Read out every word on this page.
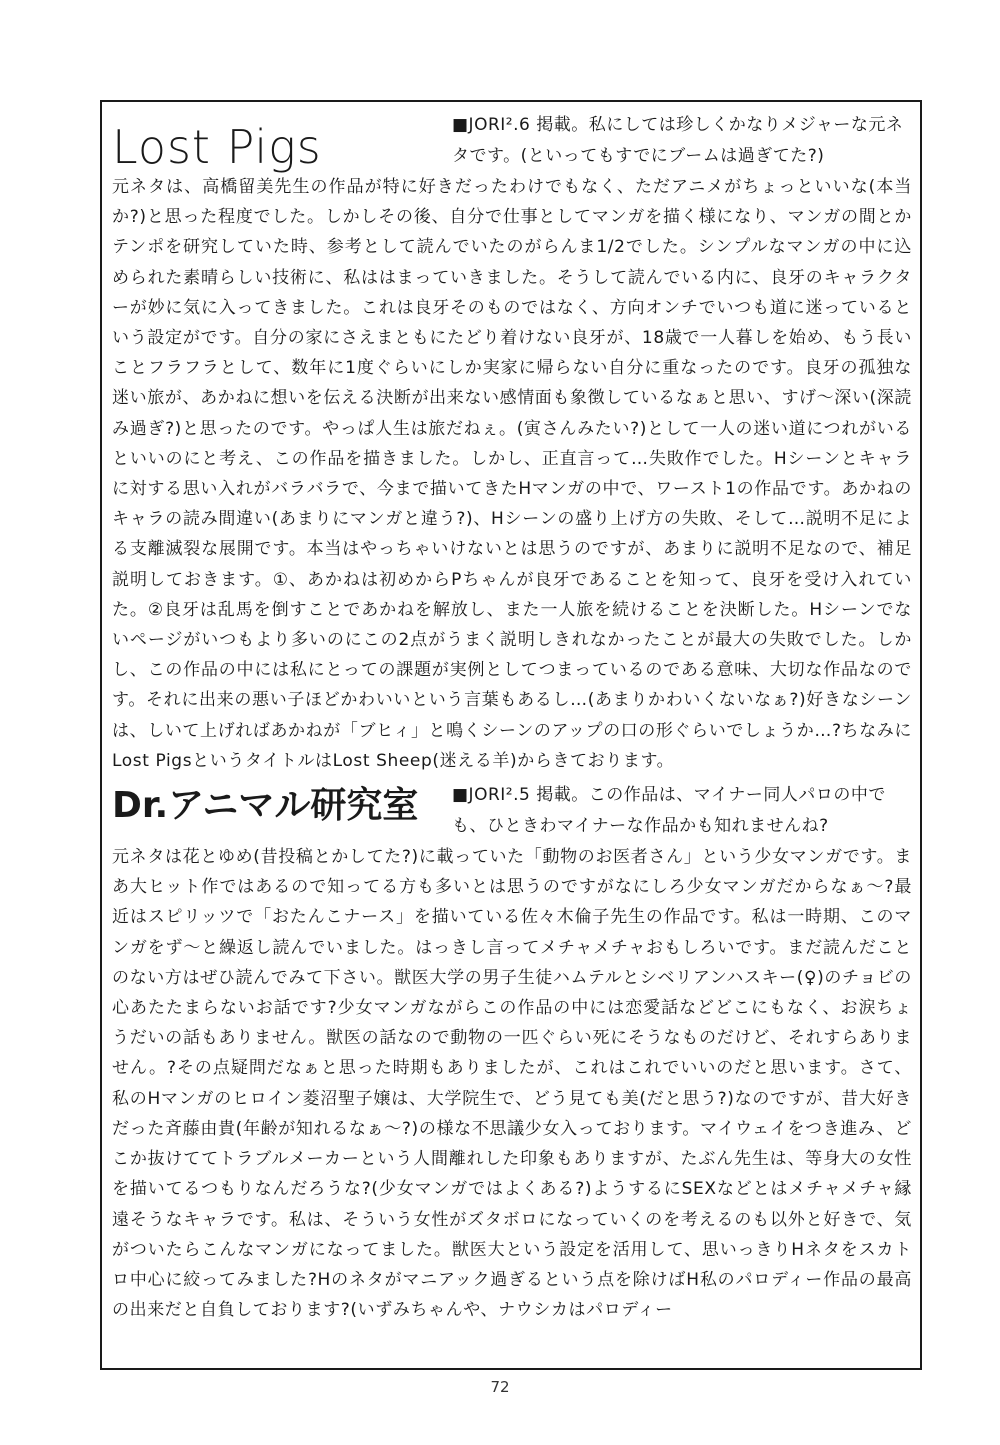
Lost Pigs	■JORI².6 掲載。私にしては珍しくかなりメジャーな元ネタです。(といってもすでにブームは過ぎてた?)

元ネタは、高橋留美先生の作品が特に好きだったわけでもなく、ただアニメがちょっといいな(本当か?)と思った程度でした。しかしその後、自分で仕事としてマンガを描く様になり、マンガの間とかテンポを研究していた時、参考として読んでいたのがらんま1/2でした。シンプルなマンガの中に込められた素晴らしい技術に、私ははまっていきました。そうして読んでいる内に、良牙のキャラクターが妙に気に入ってきました。これは良牙そのものではなく、方向オンチでいつも道に迷っているという設定がです。自分の家にさえまともにたどり着けない良牙が、18歳で一人暮しを始め、もう長いことフラフラとして、数年に1度ぐらいにしか実家に帰らない自分に重なったのです。良牙の孤独な迷い旅が、あかねに想いを伝える決断が出来ない感情面も象徴しているなぁと思い、すげ〜深い(深読み過ぎ?)と思ったのです。やっぱ人生は旅だねぇ。(寅さんみたい?)として一人の迷い道につれがいるといいのにと考え、この作品を描きました。しかし、正直言って…失敗作でした。Hシーンとキャラに対する思い入れがバラバラで、今まで描いてきたHマンガの中で、ワースト1の作品です。あかねのキャラの読み間違い(あまりにマンガと違う?)、Hシーンの盛り上げ方の失敗、そして…説明不足による支離滅裂な展開です。本当はやっちゃいけないとは思うのですが、あまりに説明不足なので、補足説明しておきます。①、あかねは初めからPちゃんが良牙であることを知って、良牙を受け入れていた。②良牙は乱馬を倒すことであかねを解放し、また一人旅を続けることを決断した。Hシーンでないページがいつもより多いのにこの2点がうまく説明しきれなかったことが最大の失敗でした。しかし、この作品の中には私にとっての課題が実例としてつまっているのである意味、大切な作品なのです。それに出来の悪い子ほどかわいいという言葉もあるし…(あまりかわいくないなぁ?)好きなシーンは、しいて上げればあかねが「ブヒィ」と鳴くシーンのアップの口の形ぐらいでしょうか…?ちなみにLost PigsというタイトルはLost Sheep(迷える羊)からきております。

Dr.アニマル研究室	■JORI².5 掲載。この作品は、マイナー同人パロの中でも、ひときわマイナーな作品かも知れませんね?

元ネタは花とゆめ(昔投稿とかしてた?)に載っていた「動物のお医者さん」という少女マンガです。まあ大ヒット作ではあるので知ってる方も多いとは思うのですがなにしろ少女マンガだからなぁ〜?最近はスピリッツで「おたんこナース」を描いている佐々木倫子先生の作品です。私は一時期、このマンガをず〜と繰返し読んでいました。はっきし言ってメチャメチャおもしろいです。まだ読んだことのない方はぜひ読んでみて下さい。獣医大学の男子生徒ハムテルとシベリアンハスキー(♀)のチョビの心あたたまらないお話です?少女マンガながらこの作品の中には恋愛話などどこにもなく、お涙ちょうだいの話もありません。獣医の話なので動物の一匹ぐらい死にそうなものだけど、それすらありません。?その点疑問だなぁと思った時期もありましたが、これはこれでいいのだと思います。さて、私のHマンガのヒロイン菱沼聖子嬢は、大学院生で、どう見ても美(だと思う?)なのですが、昔大好きだった斉藤由貴(年齢が知れるなぁ〜?)の様な不思議少女入っております。マイウェイをつき進み、どこか抜けててトラブルメーカーという人間離れした印象もありますが、たぶん先生は、等身大の女性を描いてるつもりなんだろうな?(少女マンガではよくある?)ようするにSEXなどとはメチャメチャ縁遠そうなキャラです。私は、そういう女性がズタボロになっていくのを考えるのも以外と好きで、気がついたらこんなマンガになってました。獣医大という設定を活用して、思いっきりHネタをスカトロ中心に絞ってみました?Hのネタがマニアック過ぎるという点を除けばH私のパロディー作品の最高の出来だと自負しております?(いずみちゃんや、ナウシカはパロディー

72
